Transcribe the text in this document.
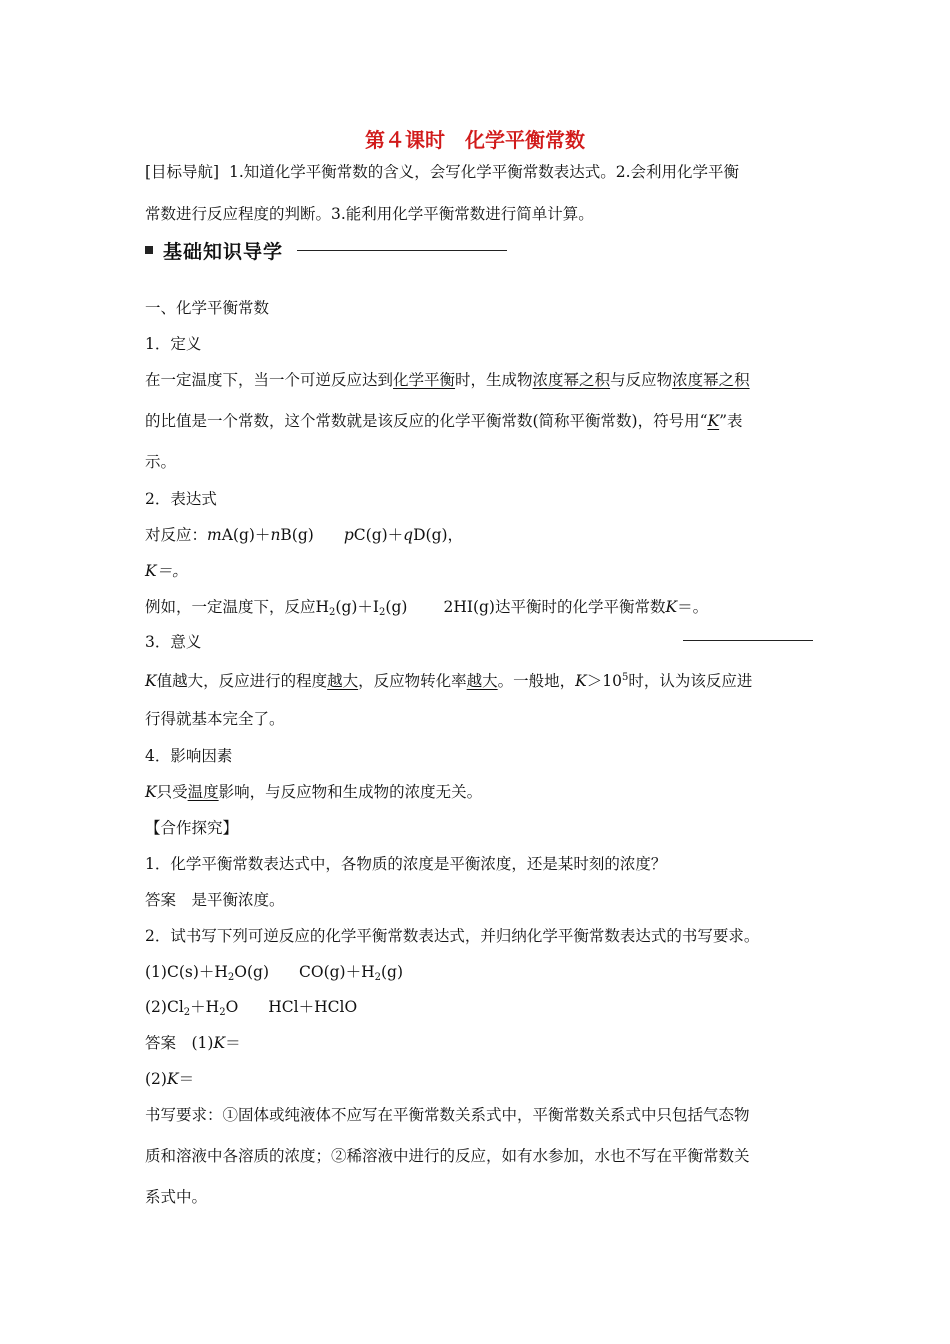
第４课时　化学平衡常数
[目标导航] 1.知道化学平衡常数的含义，会写化学平衡常数表达式。2.会利用化学平衡
常数进行反应程度的判断。3.能利用化学平衡常数进行简单计算。
基础知识导学
一、化学平衡常数
1．定义
在一定温度下，当一个可逆反应达到化学平衡时，生成物浓度幂之积与反应物浓度幂之积
的比值是一个常数，这个常数就是该反应的化学平衡常数(简称平衡常数)，符号用“K”表
示。
2．表达式
对反应：mA(g)＋nB(g) pC(g)＋qD(g)，
K＝。
例如，一定温度下，反应$H_2(g)+I_2(g)$ 2HI(g)达平衡时的化学平衡常数K＝。
3．意义
K值越大，反应进行的程度越大，反应物转化率越大。一般地，$K>10^5$时，认为该反应进
行得就基本完全了。
4．影响因素
K只受温度影响，与反应物和生成物的浓度无关。
【合作探究】
1．化学平衡常数表达式中，各物质的浓度是平衡浓度，还是某时刻的浓度？
答案　是平衡浓度。
2．试书写下列可逆反应的化学平衡常数表达式，并归纳化学平衡常数表达式的书写要求。
$(1)C(s)+H_2O(g)$ $CO(g)+H_2(g)$
$(2)Cl_2+H_2O$ HCl＋HClO
答案　(1)K＝
(2)K＝
书写要求：①固体或纯液体不应写在平衡常数关系式中，平衡常数关系式中只包括气态物
质和溶液中各溶质的浓度；②稀溶液中进行的反应，如有水参加，水也不写在平衡常数关
系式中。
